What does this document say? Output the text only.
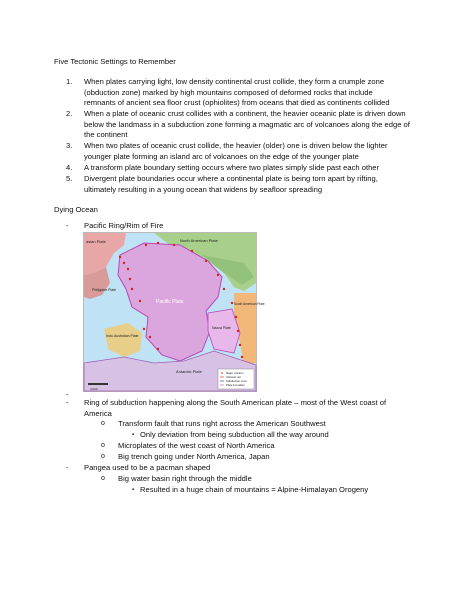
Five Tectonic Settings to Remember
1. When plates carrying light, low density continental crust collide, they form a crumple zone
(obduction zone) marked by high mountains composed of deformed rocks that include
remnants of ancient sea floor crust (ophiolites) from oceans that died as continents collided
2. When a plate of oceanic crust collides with a continent, the heavier oceanic plate is driven down
below the landmass in a subduction zone forming a magmatic arc of volcanoes along the edge of
the continent
3. When two plates of oceanic crust collide, the heavier (older) one is driven below the lighter
younger plate forming an island arc of volcanoes on the edge of the younger plate
4. A transform plate boundary setting occurs where two plates simply slide past each other
5. Divergent plate boundaries occur where a continental plate is being torn apart by rifting,
ultimately resulting in a young ocean that widens by seafloor spreading
Dying Ocean
- Pacific Ring/Rim of Fire
asian Plate	North American Plate
Pacific Plate
Philippine Plate
Indo-Australian Plate
Nazca Plate
South American Plate
Antarctic Plate	Major volcano
Volcanic arc
Subduction zone
Plate boundary
4,000
-
- Ring of subduction happening along the South American plate – most of the West coast of
America
o Transform fault that runs right across the American Southwest
▪ Only deviation from being subduction all the way around
o Microplates of the west coast of North America
o Big trench going under North America, Japan
- Pangea used to be a pacman shaped
o Big water basin right through the middle
▪ Resulted in a huge chain of mountains = Alpine-Himalayan Orogeny
